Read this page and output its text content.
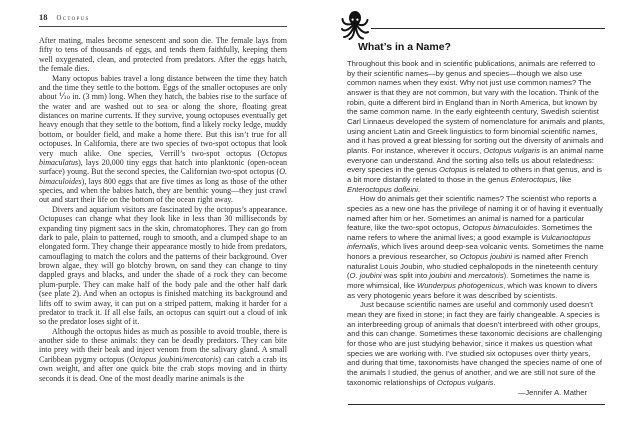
18 Octopus

After mating, males become senescent and soon die. The female lays from fifty to tens of thousands of eggs, and tends them faithfully, keeping them well oxygenated, clean, and protected from predators. After the eggs hatch, the female dies.

Many octopus babies travel a long distance between the time they hatch and the time they settle to the bottom. Eggs of the smaller octopuses are only about ⅒ in. (3 mm) long. When they hatch, the babies rise to the surface of the water and are washed out to sea or along the shore, floating great distances on marine currents. If they survive, young octopuses eventually get heavy enough that they settle to the bottom, find a likely rocky ledge, muddy bottom, or boulder field, and make a home there. But this isn’t true for all octopuses. In California, there are two species of two-spot octopus that look very much alike. One species, Verrill’s two-spot octopus (Octopus bimaculatus), lays 20,000 tiny eggs that hatch into planktonic (open-ocean surface) young. But the second species, the Californian two-spot octopus (O. bimaculoides), lays 800 eggs that are five times as long as those of the other species, and when the babies hatch, they are benthic young—they just crawl out and start their life on the bottom of the ocean right away.

Divers and aquarium visitors are fascinated by the octopus’s appearance. Octopuses can change what they look like in less than 30 milliseconds by expanding tiny pigment sacs in the skin, chromatophores. They can go from dark to pale, plain to patterned, rough to smooth, and a clumped shape to an elongated form. They change their appearance mostly to hide from predators, camouflaging to match the colors and the patterns of their background. Over brown algae, they will go blotchy brown, on sand they can change to tiny dappled grays and blacks, and under the shade of a rock they can become plum-purple. They can make half of the body pale and the other half dark (see plate 2). And when an octopus is finished matching its background and lifts off to swim away, it can put on a striped pattern, making it harder for a predator to track it. If all else fails, an octopus can squirt out a cloud of ink so the predator loses sight of it.

Although the octopus hides as much as possible to avoid trouble, there is another side to these animals: they can be deadly predators. They can bite into prey with their beak and inject venom from the salivary gland. A small Caribbean pygmy octopus (Octopus joubini/mercatoris) can catch a crab its own weight, and after one quick bite the crab stops moving and in thirty seconds it is dead. One of the most deadly marine animals is the

What’s in a Name?

Throughout this book and in scientific publications, animals are referred to by their scientific names—by genus and species—though we also use common names when they exist. Why not just use common names? The answer is that they are not common, but vary with the location. Think of the robin, quite a different bird in England than in North America, but known by the same common name. In the early eighteenth century, Swedish scientist Carl Linnaeus developed the system of nomenclature for animals and plants, using ancient Latin and Greek linguistics to form binomial scientific names, and it has proved a great blessing for sorting out the diversity of animals and plants. For instance, wherever it occurs, Octopus vulgaris is an animal name everyone can understand. And the sorting also tells us about relatedness: every species in the genus Octopus is related to others in that genus, and is a bit more distantly related to those in the genus Enteroctopus, like Enteroctopus dofleini.

How do animals get their scientific names? The scientist who reports a species as a new one has the privilege of naming it or of having it eventually named after him or her. Sometimes an animal is named for a particular feature, like the two-spot octopus, Octopus bimaculoides. Sometimes the name refers to where the animal lives; a good example is Vulcanoctopus infernalis, which lives around deep-sea volcanic vents. Sometimes the name honors a previous researcher, so Octopus joubini is named after French naturalist Louis Joubin, who studied cephalopods in the nineteenth century (O. joubini was split into joubini and mercatoris). Sometimes the name is more whimsical, like Wunderpus photogenicus, which was known to divers as very photogenic years before it was described by scientists.

Just because scientific names are useful and commonly used doesn’t mean they are fixed in stone; in fact they are fairly changeable. A species is an interbreeding group of animals that doesn’t interbreed with other groups, and this can change. Sometimes these taxonomic decisions are challenging for those who are just studying behavior, since it makes us question what species we are working with. I’ve studied six octopuses over thirty years, and during that time, taxonomists have changed the species name of one of the animals I studied, the genus of another, and we are still not sure of the taxonomic relationships of Octopus vulgaris.

—Jennifer A. Mather
